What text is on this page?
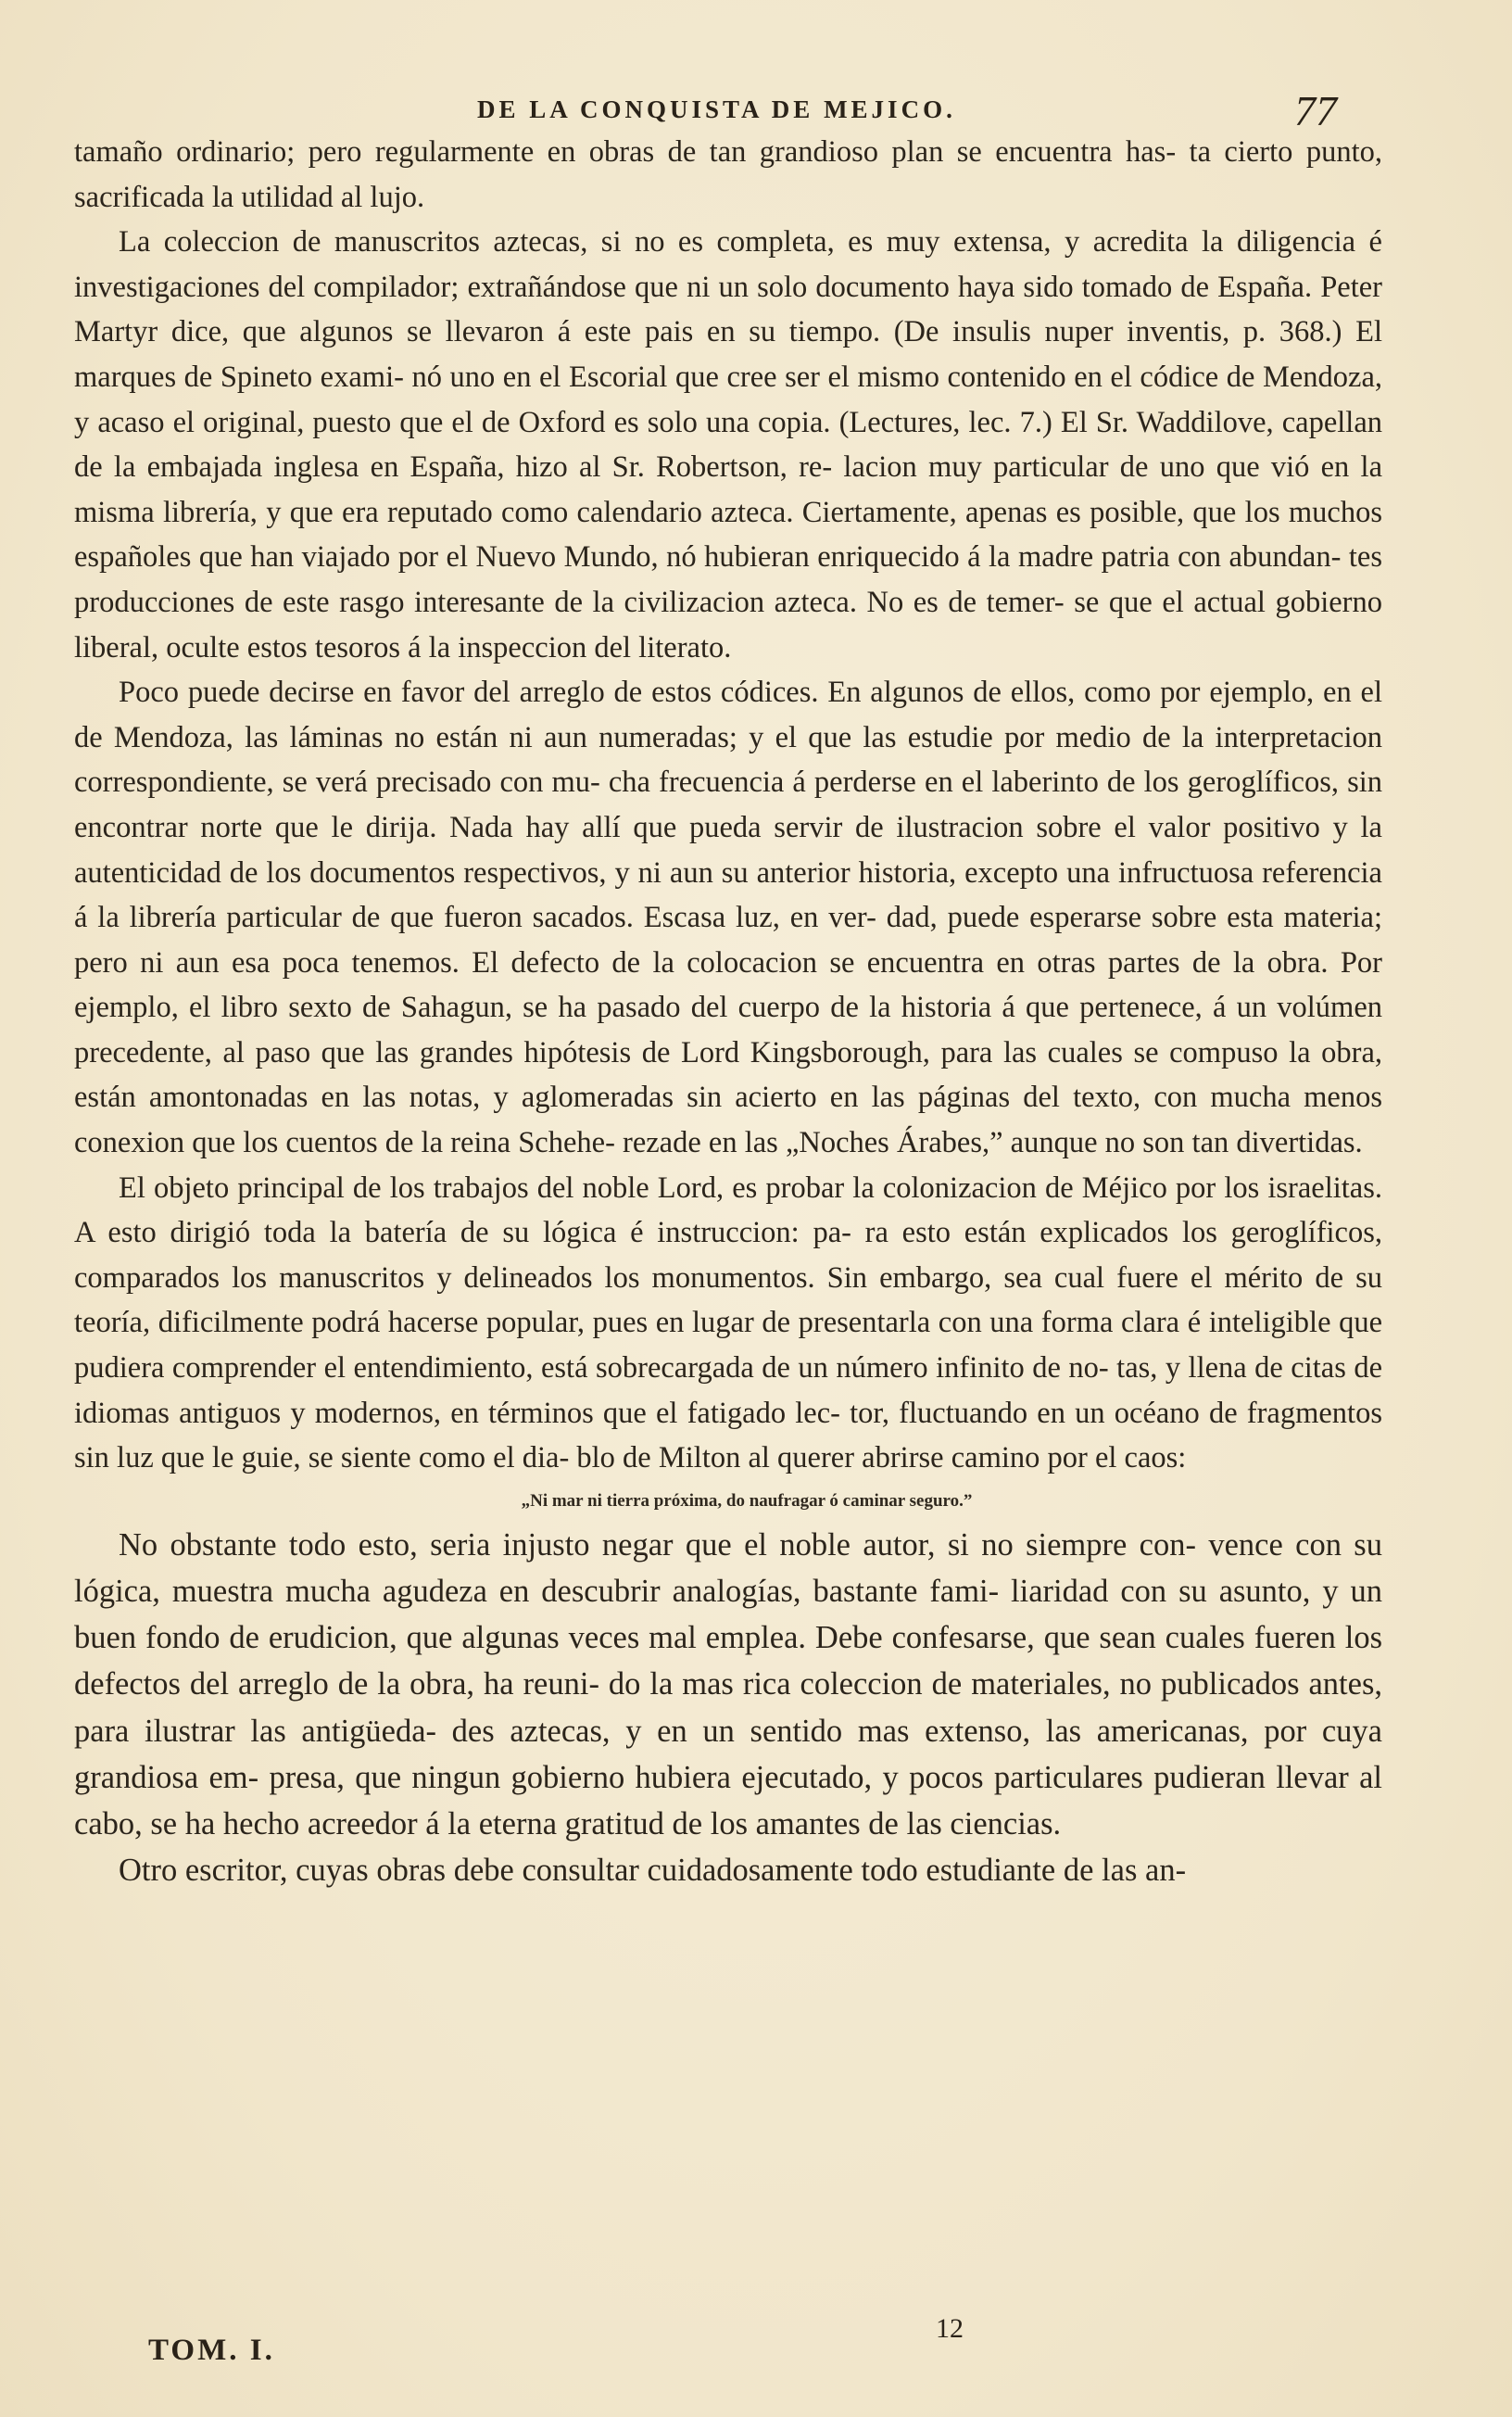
DE LA CONQUISTA DE MEJICO.	77

tamaño ordinario; pero regularmente en obras de tan grandioso plan se encuentra has- ta cierto punto, sacrificada la utilidad al lujo.

La coleccion de manuscritos aztecas, si no es completa, es muy extensa, y acredita la diligencia é investigaciones del compilador; extrañándose que ni un solo documento haya sido tomado de España. Peter Martyr dice, que algunos se llevaron á este pais en su tiempo. (De insulis nuper inventis, p. 368.) El marques de Spineto exami- nó uno en el Escorial que cree ser el mismo contenido en el códice de Mendoza, y acaso el original, puesto que el de Oxford es solo una copia. (Lectures, lec. 7.) El Sr. Waddilove, capellan de la embajada inglesa en España, hizo al Sr. Robertson, re- lacion muy particular de uno que vió en la misma librería, y que era reputado como calendario azteca. Ciertamente, apenas es posible, que los muchos españoles que han viajado por el Nuevo Mundo, nó hubieran enriquecido á la madre patria con abundan- tes producciones de este rasgo interesante de la civilizacion azteca. No es de temer- se que el actual gobierno liberal, oculte estos tesoros á la inspeccion del literato.

Poco puede decirse en favor del arreglo de estos códices. En algunos de ellos, como por ejemplo, en el de Mendoza, las láminas no están ni aun numeradas; y el que las estudie por medio de la interpretacion correspondiente, se verá precisado con mu- cha frecuencia á perderse en el laberinto de los geroglíficos, sin encontrar norte que le dirija. Nada hay allí que pueda servir de ilustracion sobre el valor positivo y la autenticidad de los documentos respectivos, y ni aun su anterior historia, excepto una infructuosa referencia á la librería particular de que fueron sacados. Escasa luz, en ver- dad, puede esperarse sobre esta materia; pero ni aun esa poca tenemos. El defecto de la colocacion se encuentra en otras partes de la obra. Por ejemplo, el libro sexto de Sahagun, se ha pasado del cuerpo de la historia á que pertenece, á un volúmen precedente, al paso que las grandes hipótesis de Lord Kingsborough, para las cuales se compuso la obra, están amontonadas en las notas, y aglomeradas sin acierto en las páginas del texto, con mucha menos conexion que los cuentos de la reina Schehe- rezade en las „Noches Árabes,” aunque no son tan divertidas.

El objeto principal de los trabajos del noble Lord, es probar la colonizacion de Méjico por los israelitas. A esto dirigió toda la batería de su lógica é instruccion: pa- ra esto están explicados los geroglíficos, comparados los manuscritos y delineados los monumentos. Sin embargo, sea cual fuere el mérito de su teoría, dificilmente podrá hacerse popular, pues en lugar de presentarla con una forma clara é inteligible que pudiera comprender el entendimiento, está sobrecargada de un número infinito de no- tas, y llena de citas de idiomas antiguos y modernos, en términos que el fatigado lec- tor, fluctuando en un océano de fragmentos sin luz que le guie, se siente como el dia- blo de Milton al querer abrirse camino por el caos:

„Ni mar ni tierra próxima, do naufragar ó caminar seguro.”

No obstante todo esto, seria injusto negar que el noble autor, si no siempre con- vence con su lógica, muestra mucha agudeza en descubrir analogías, bastante fami- liaridad con su asunto, y un buen fondo de erudicion, que algunas veces mal emplea. Debe confesarse, que sean cuales fueren los defectos del arreglo de la obra, ha reuni- do la mas rica coleccion de materiales, no publicados antes, para ilustrar las antigüeda- des aztecas, y en un sentido mas extenso, las americanas, por cuya grandiosa em- presa, que ningun gobierno hubiera ejecutado, y pocos particulares pudieran llevar al cabo, se ha hecho acreedor á la eterna gratitud de los amantes de las ciencias.

Otro escritor, cuyas obras debe consultar cuidadosamente todo estudiante de las an-

TOM. I.
12
